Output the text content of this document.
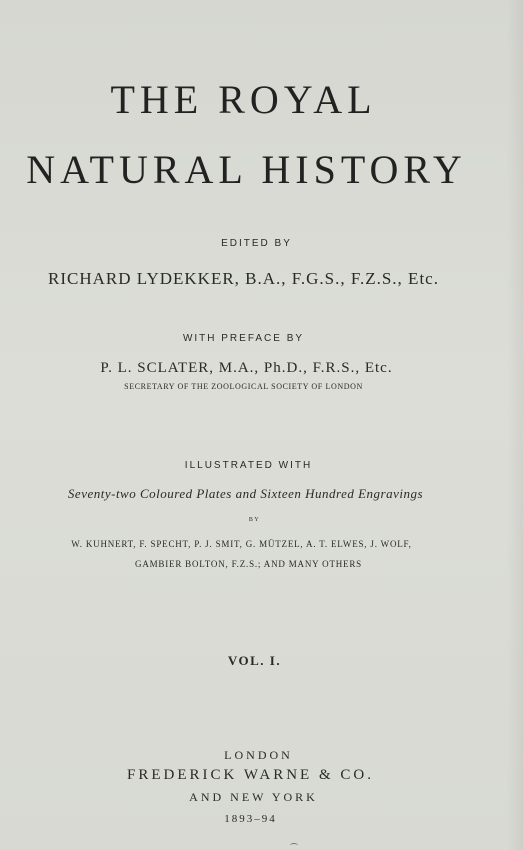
THE ROYAL
NATURAL HISTORY
EDITED BY
RICHARD LYDEKKER, B.A., F.G.S., F.Z.S., Etc.
WITH PREFACE BY
P. L. SCLATER, M.A., Ph.D., F.R.S., Etc.
SECRETARY OF THE ZOOLOGICAL SOCIETY OF LONDON
ILLUSTRATED WITH
Seventy-two Coloured Plates and Sixteen Hundred Engravings
BY
W. KUHNERT, F. SPECHT, P. J. SMIT, G. MÜTZEL, A. T. ELWES, J. WOLF,
GAMBIER BOLTON, F.Z.S.; AND MANY OTHERS
VOL. I.
LONDON
FREDERICK WARNE & CO.
AND NEW YORK
1893–94
